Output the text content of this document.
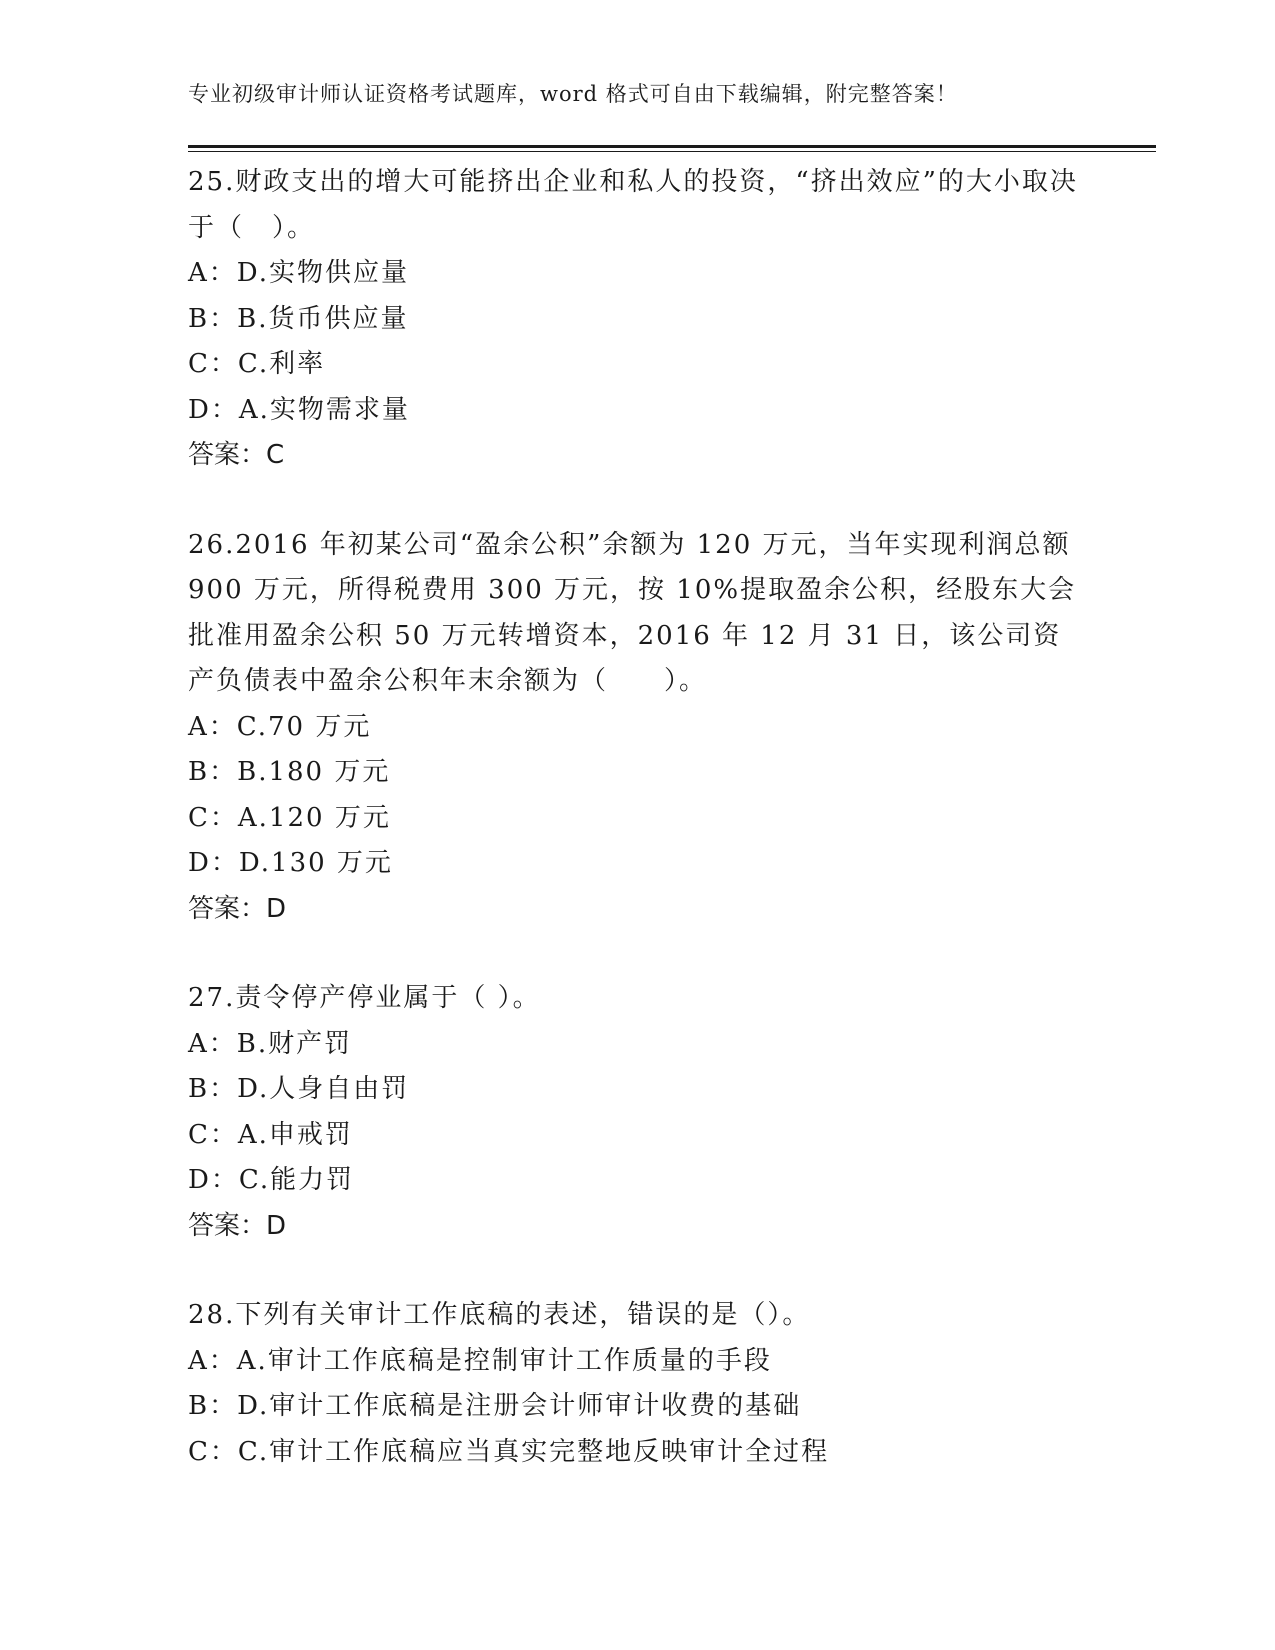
专业初级审计师认证资格考试题库，word 格式可自由下载编辑，附完整答案！

25.财政支出的增大可能挤出企业和私人的投资，“挤出效应”的大小取决于（　）。

A：D.实物供应量

B：B.货币供应量

C：C.利率

D：A.实物需求量

答案：C

26.2016 年初某公司“盈余公积”余额为 120 万元，当年实现利润总额 900 万元，所得税费用 300 万元，按 10%提取盈余公积，经股东大会批准用盈余公积 50 万元转增资本，2016 年 12 月 31 日，该公司资产负债表中盈余公积年末余额为（　　）。

A：C.70 万元

B：B.180 万元

C：A.120 万元

D：D.130 万元

答案：D

27.责令停产停业属于（ ）。

A：B.财产罚

B：D.人身自由罚

C：A.申戒罚

D：C.能力罚

答案：D

28.下列有关审计工作底稿的表述，错误的是（）。

A：A.审计工作底稿是控制审计工作质量的手段

B：D.审计工作底稿是注册会计师审计收费的基础

C：C.审计工作底稿应当真实完整地反映审计全过程
